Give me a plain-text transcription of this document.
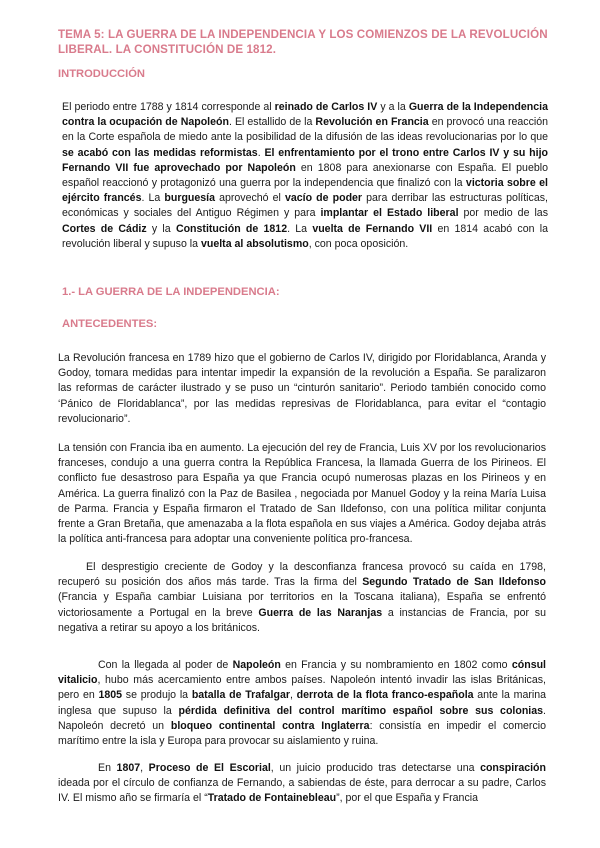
TEMA 5: LA GUERRA DE LA INDEPENDENCIA Y LOS COMIENZOS DE LA REVOLUCIÓN LIBERAL. LA CONSTITUCIÓN DE 1812.
INTRODUCCIÓN

El periodo entre 1788 y 1814 corresponde al reinado de Carlos IV y a la Guerra de la Independencia contra la ocupación de Napoleón. El estallido de la Revolución en Francia en provocó una reacción en la Corte española de miedo ante la posibilidad de la difusión de las ideas revolucionarias por lo que se acabó con las medidas reformistas. El enfrentamiento por el trono entre Carlos IV y su hijo Fernando VII fue aprovechado por Napoleón en 1808 para anexionarse con España. El pueblo español reaccionó y protagonizó una guerra por la independencia que finalizó con la victoria sobre el ejército francés. La burguesía aprovechó el vacío de poder para derribar las estructuras políticas, económicas y sociales del Antiguo Régimen y para implantar el Estado liberal por medio de las Cortes de Cádiz y la Constitución de 1812. La vuelta de Fernando VII en 1814 acabó con la revolución liberal y supuso la vuelta al absolutismo, con poca oposición.

1.- LA GUERRA DE LA INDEPENDENCIA:
ANTECEDENTES:

La Revolución francesa en 1789 hizo que el gobierno de Carlos IV, dirigido por Floridablanca, Aranda y Godoy, tomara medidas para intentar impedir la expansión de la revolución a España. Se paralizaron las reformas de carácter ilustrado y se puso un “cinturón sanitario”. Periodo también conocido como ‘Pánico de Floridablanca”, por las medidas represivas de Floridablanca, para evitar el “contagio revolucionario”.

La tensión con Francia iba en aumento. La ejecución del rey de Francia, Luis XV por los revolucionarios franceses, condujo a una guerra contra la República Francesa, la llamada Guerra de los Pirineos. El conflicto fue desastroso para España ya que Francia ocupó numerosas plazas en los Pirineos y en América. La guerra finalizó con la Paz de Basilea , negociada por Manuel Godoy y la reina María Luisa de Parma. Francia y España firmaron el Tratado de San Ildefonso, con una política militar conjunta frente a Gran Bretaña, que amenazaba a la flota española en sus viajes a América. Godoy dejaba atrás la política anti-francesa para adoptar una conveniente política pro-francesa.

El desprestigio creciente de Godoy y la desconfianza francesa provocó su caída en 1798, recuperó su posición dos años más tarde. Tras la firma del Segundo Tratado de San Ildefonso (Francia y España cambiar Luisiana por territorios en la Toscana italiana), España se enfrentó victoriosamente a Portugal en la breve Guerra de las Naranjas a instancias de Francia, por su negativa a retirar su apoyo a los británicos.

Con la llegada al poder de Napoleón en Francia y su nombramiento en 1802 como cónsul vitalicio, hubo más acercamiento entre ambos países. Napoleón intentó invadir las islas Británicas, pero en 1805 se produjo la batalla de Trafalgar, derrota de la flota franco-española ante la marina inglesa que supuso la pérdida definitiva del control marítimo español sobre sus colonias. Napoleón decretó un bloqueo continental contra Inglaterra: consistía en impedir el comercio marítimo entre la isla y Europa para provocar su aislamiento y ruina.

En 1807, Proceso de El Escorial, un juicio producido tras detectarse una conspiración ideada por el círculo de confianza de Fernando, a sabiendas de éste, para derrocar a su padre, Carlos IV. El mismo año se firmaría el “Tratado de Fontainebleau”, por el que España y Francia
